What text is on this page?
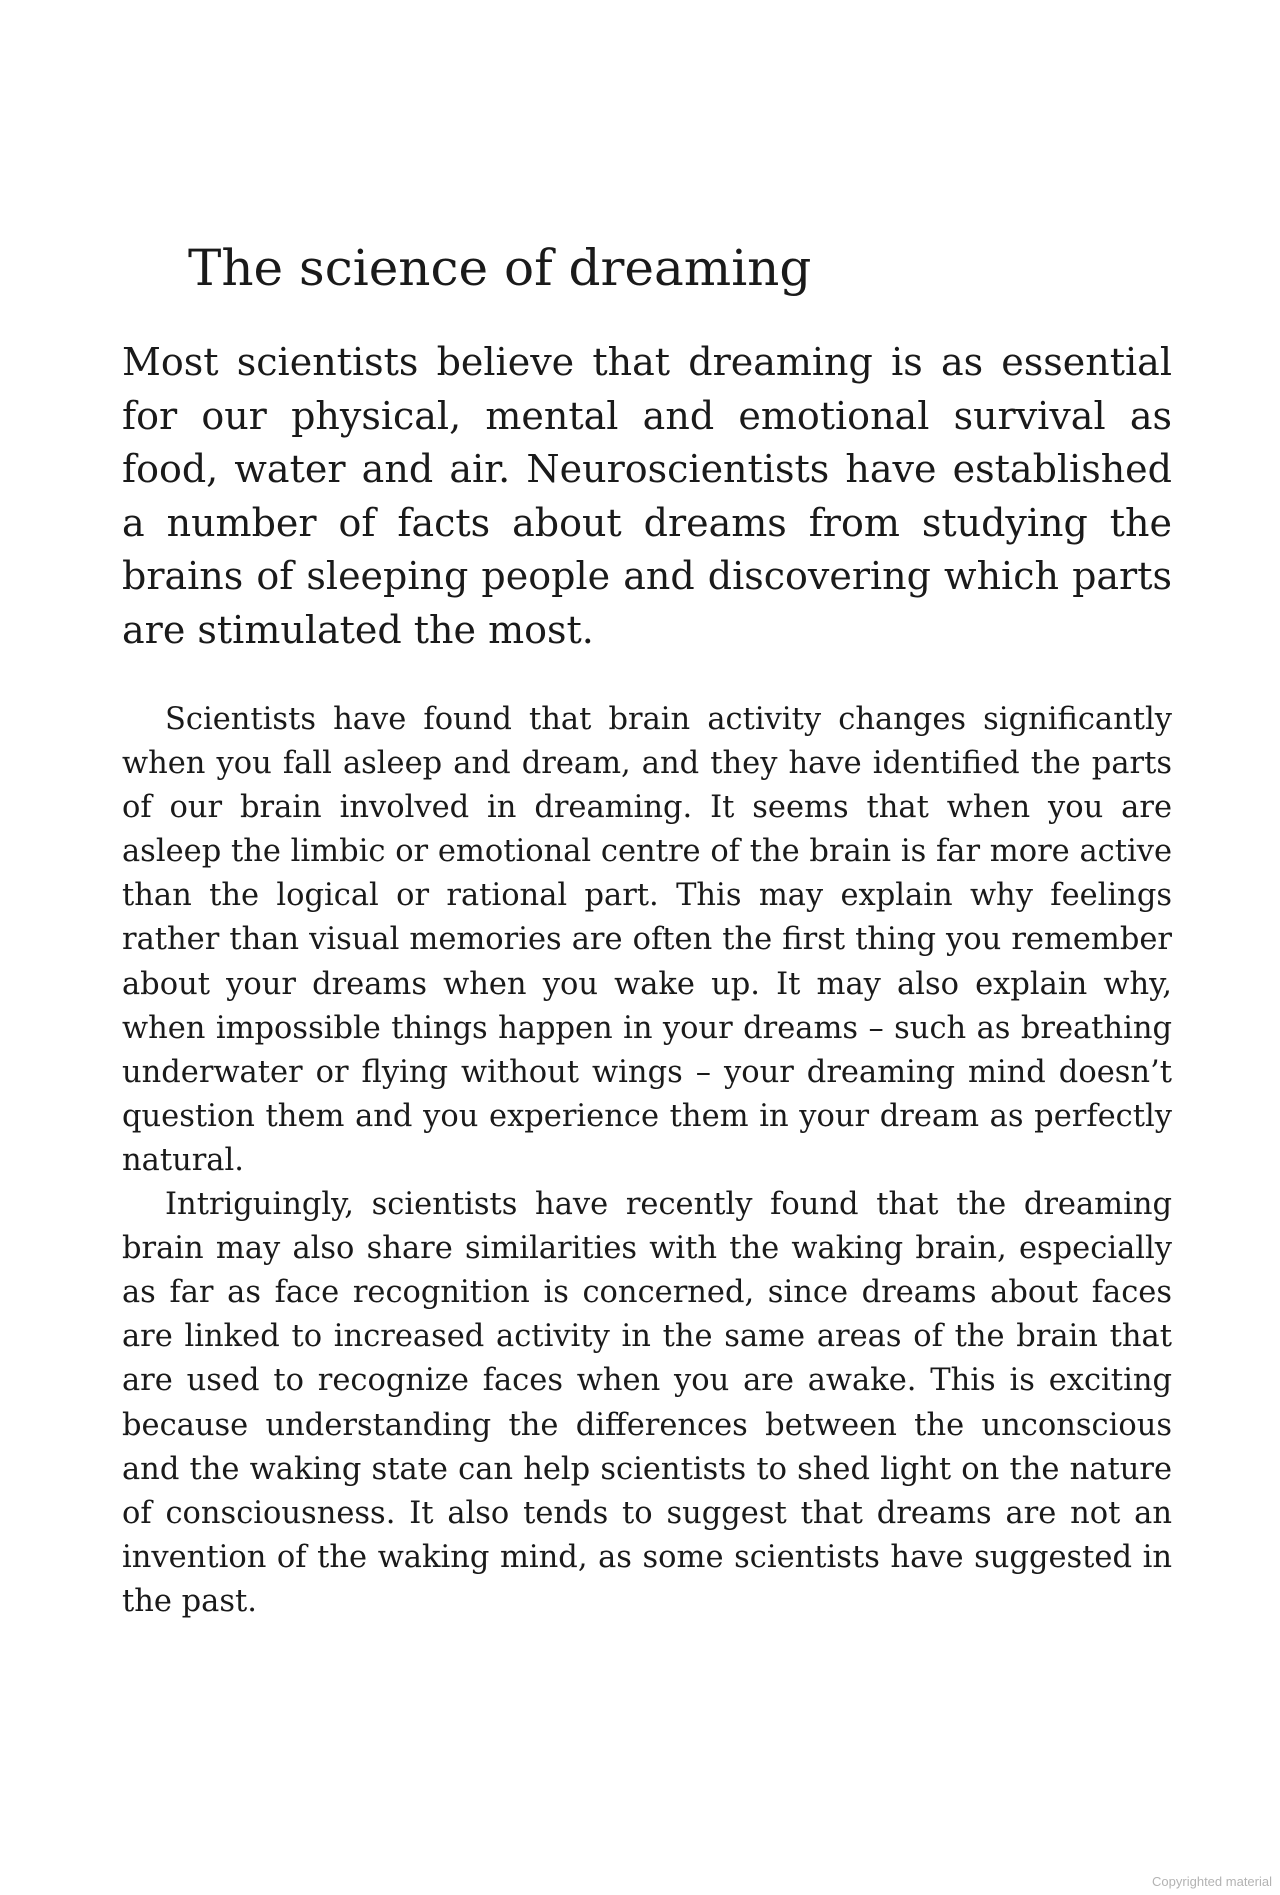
The science of dreaming

Most scientists believe that dreaming is as essential for our physical, mental and emotional survival as food, water and air. Neuroscientists have established a number of facts about dreams from studying the brains of sleeping people and discovering which parts are stimulated the most.

Scientists have found that brain activity changes significantly when you fall asleep and dream, and they have identified the parts of our brain involved in dreaming. It seems that when you are asleep the limbic or emotional centre of the brain is far more active than the logical or rational part. This may explain why feelings rather than visual memories are often the first thing you remember about your dreams when you wake up. It may also explain why, when impossible things happen in your dreams – such as breathing underwater or flying without wings – your dreaming mind doesn’t question them and you experience them in your dream as perfectly natural.

Intriguingly, scientists have recently found that the dreaming brain may also share similarities with the waking brain, especially as far as face recognition is concerned, since dreams about faces are linked to increased activity in the same areas of the brain that are used to recognize faces when you are awake. This is exciting because understanding the differences between the unconscious and the waking state can help scientists to shed light on the nature of consciousness. It also tends to suggest that dreams are not an invention of the waking mind, as some scientists have suggested in the past.

Copyrighted material
